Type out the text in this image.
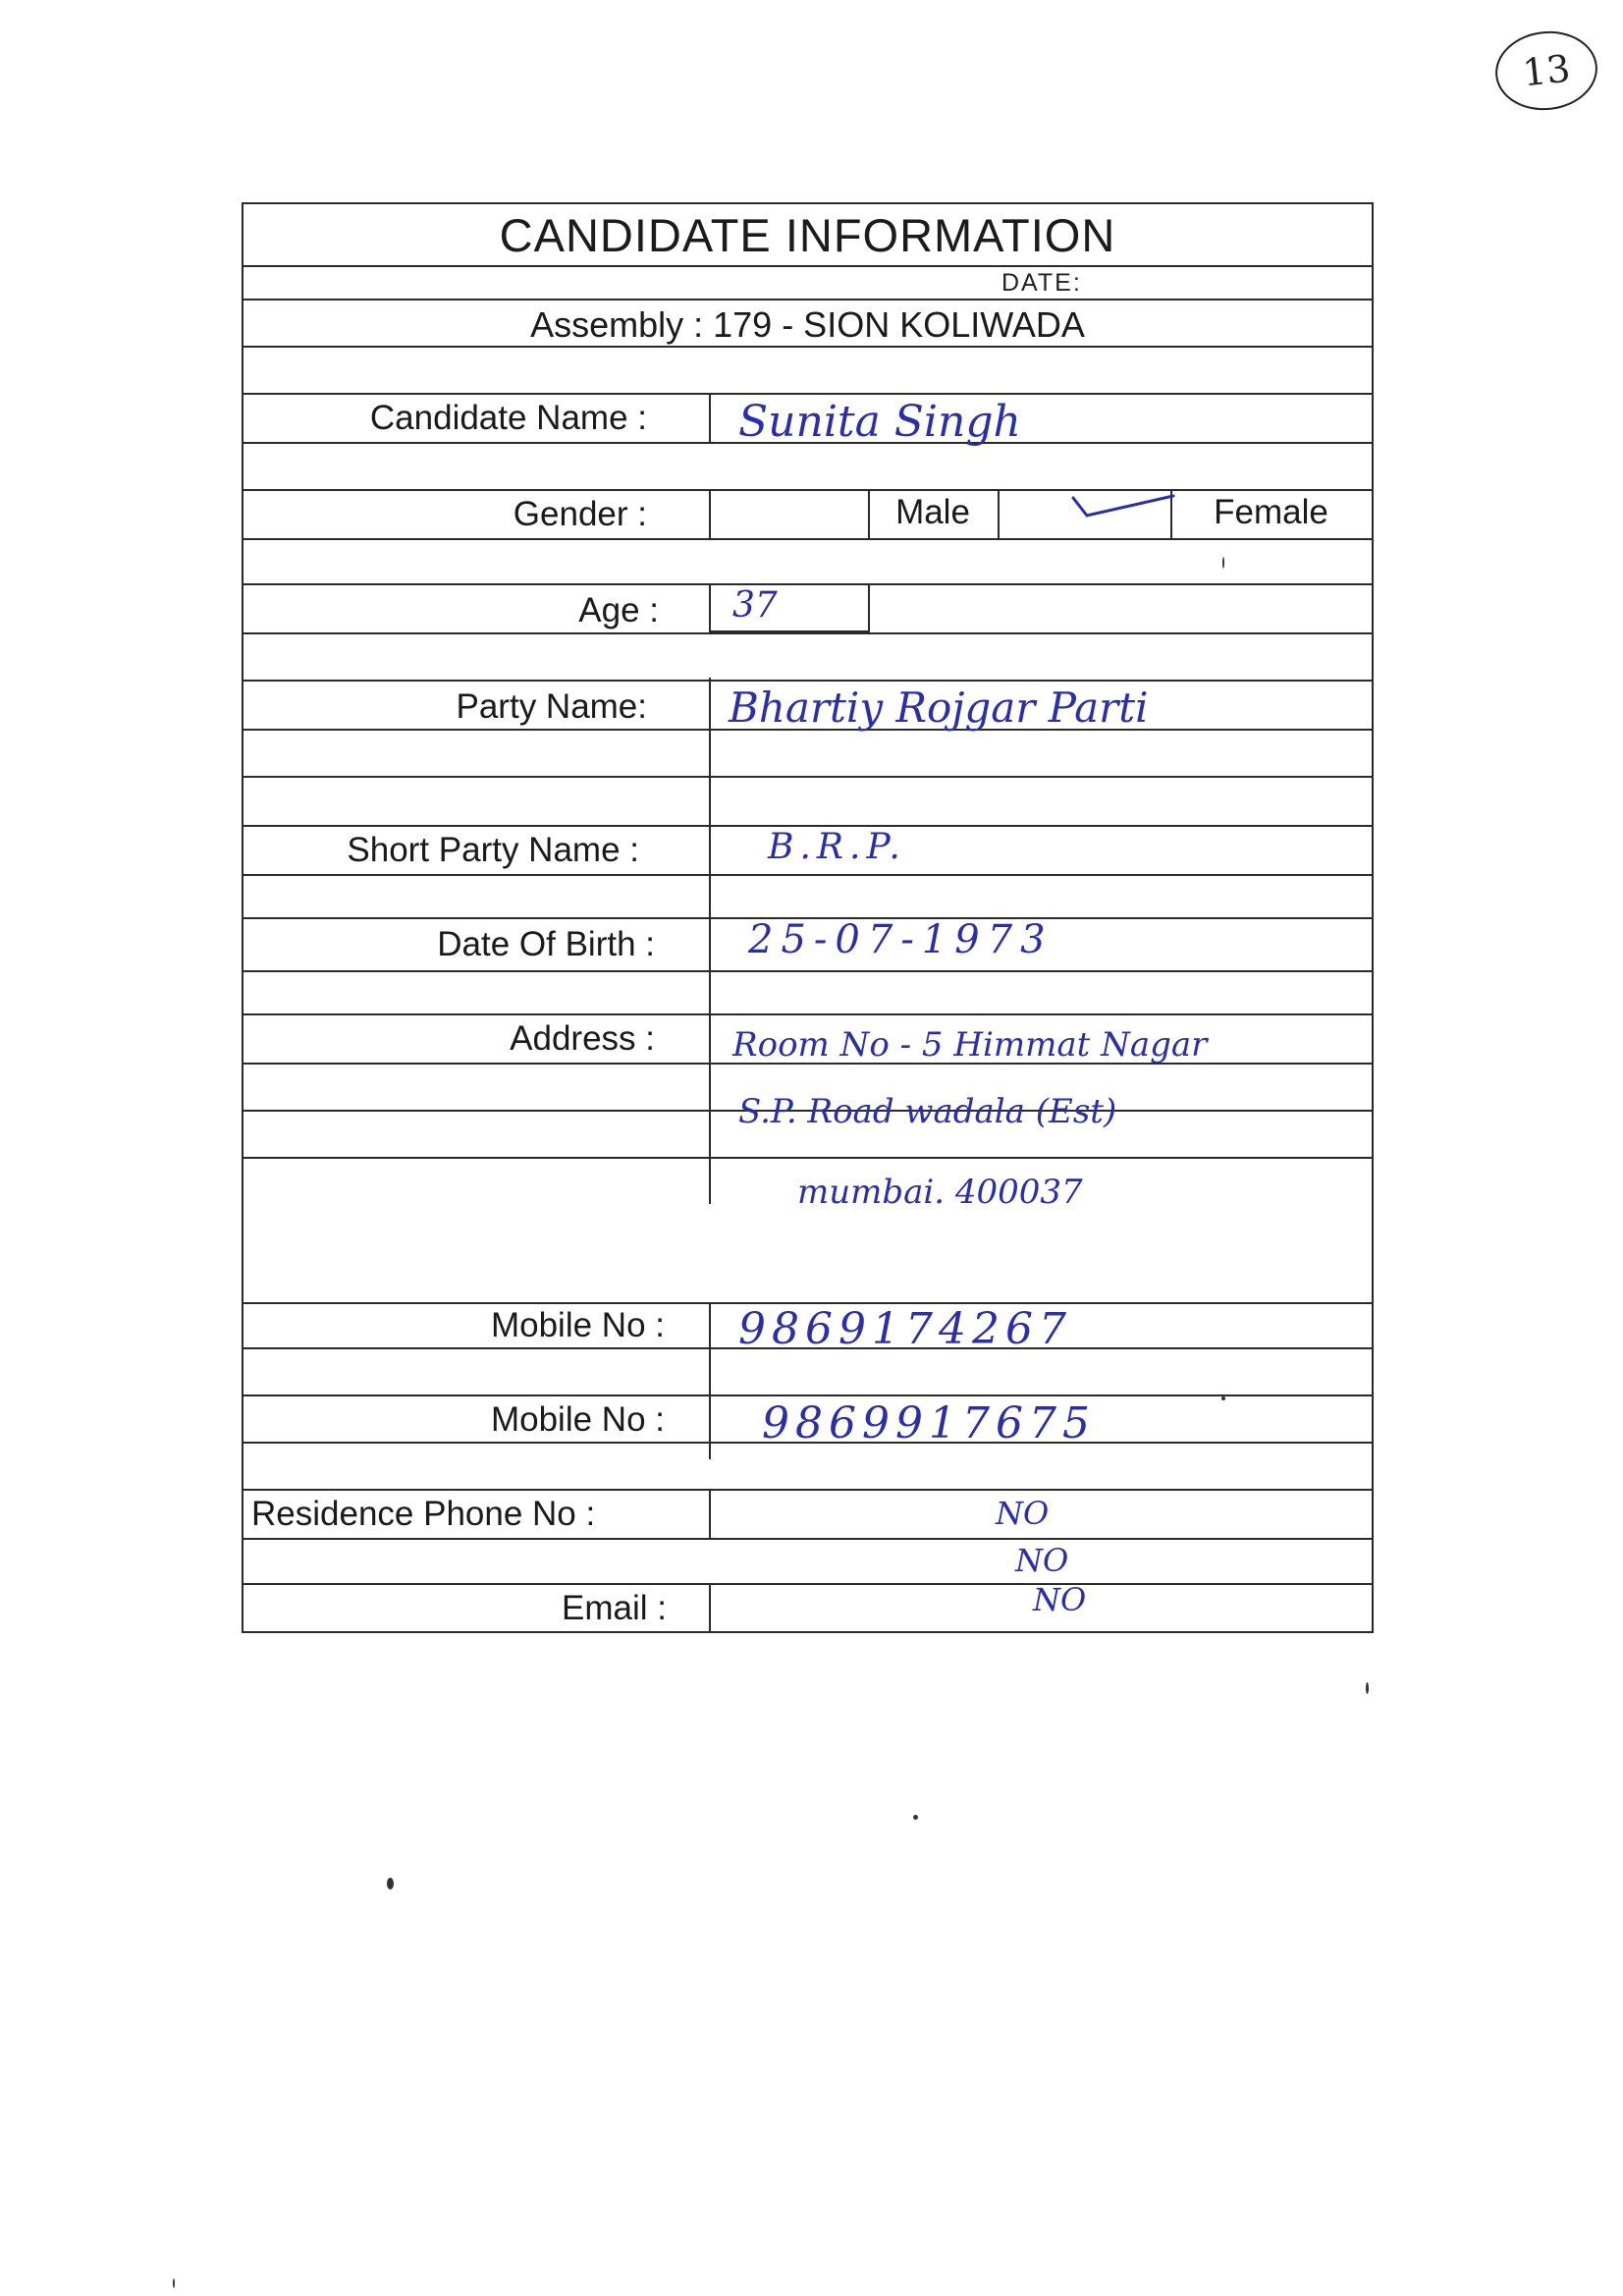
13
CANDIDATE INFORMATION
DATE:
Assembly : 179 - SION KOLIWADA
Candidate Name :
Gender :	Male	Female
Age :
Party Name:
Short Party Name :
Date Of Birth :
Address :
Mobile No :
Mobile No :
Residence Phone No :
Email :
Sunita Singh
37
Bhartiy Rojgar Parti
B.R.P.
25-07-1973
Room No - 5 Himmat Nagar
S.P. Road wadala (Est)
mumbai. 400037
9869174267
9869917675
NO
NO
NO
